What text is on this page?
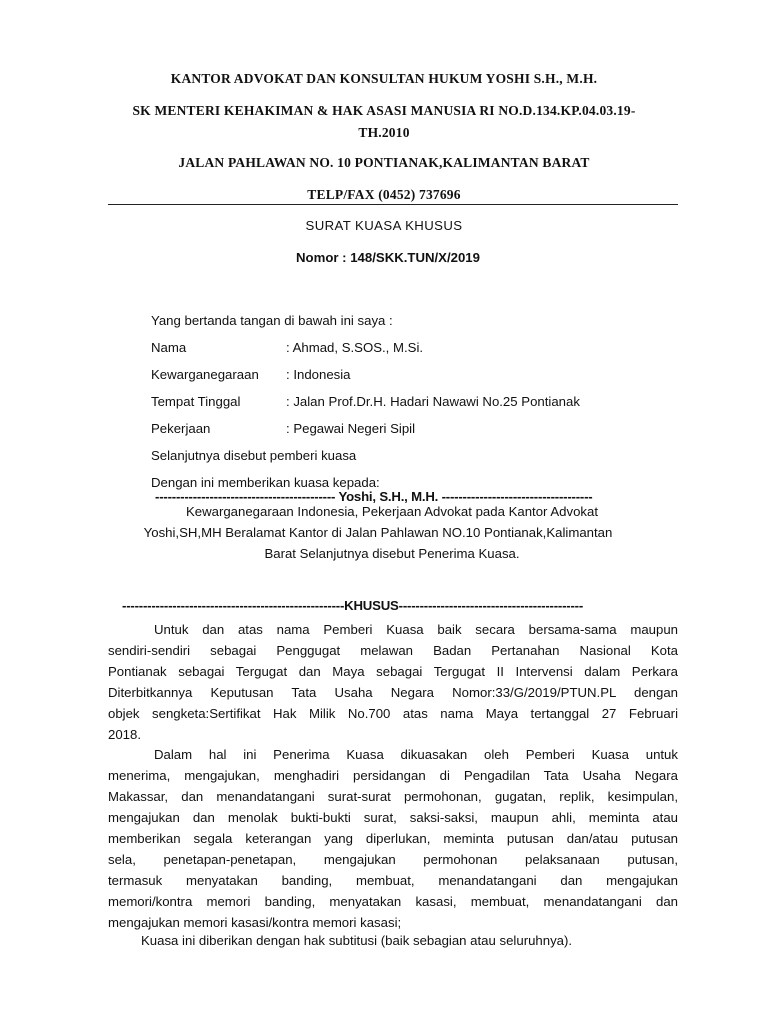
KANTOR ADVOKAT DAN KONSULTAN HUKUM YOSHI S.H., M.H.
SK MENTERI KEHAKIMAN & HAK ASASI MANUSIA RI NO.D.134.KP.04.03.19-
TH.2010
JALAN PAHLAWAN NO. 10 PONTIANAK,KALIMANTAN BARAT
TELP/FAX (0452) 737696
SURAT KUASA KHUSUS
Nomor : 148/SKK.TUN/X/2019
Yang bertanda tangan di bawah ini saya :
Nama	: Ahmad, S.SOS., M.Si.
Kewarganegaraan : Indonesia
Tempat Tinggal	: Jalan Prof.Dr.H. Hadari Nawawi No.25 Pontianak
Pekerjaan	: Pegawai Negeri Sipil
Selanjutnya disebut pemberi kuasa
Dengan ini memberikan kuasa kepada:
------------------------------------------- Yoshi, S.H., M.H. ------------------------------------
Kewarganegaraan Indonesia, Pekerjaan Advokat pada Kantor Advokat
Yoshi,SH,MH Beralamat Kantor di Jalan Pahlawan NO.10 Pontianak,Kalimantan
Barat Selanjutnya disebut Penerima Kuasa.
-----------------------------------------------------KHUSUS--------------------------------------------
Untuk dan atas nama Pemberi Kuasa baik secara bersama-sama maupun
sendiri-sendiri sebagai Penggugat melawan Badan Pertanahan Nasional Kota
Pontianak sebagai Tergugat dan Maya sebagai Tergugat II Intervensi dalam Perkara
Diterbitkannya Keputusan Tata Usaha Negara Nomor:33/G/2019/PTUN.PL dengan
objek sengketa:Sertifikat Hak Milik No.700 atas nama Maya tertanggal 27 Februari
2018.
Dalam hal ini Penerima Kuasa dikuasakan oleh Pemberi Kuasa untuk
menerima, mengajukan, menghadiri persidangan di Pengadilan Tata Usaha Negara
Makassar, dan menandatangani surat-surat permohonan, gugatan, replik, kesimpulan,
mengajukan dan menolak bukti-bukti surat, saksi-saksi, maupun ahli, meminta atau
memberikan segala keterangan yang diperlukan, meminta putusan dan/atau putusan
sela, penetapan-penetapan, mengajukan permohonan pelaksanaan putusan,
termasuk menyatakan banding, membuat, menandatangani dan mengajukan
memori/kontra memori banding, menyatakan kasasi, membuat, menandatangani dan
mengajukan memori kasasi/kontra memori kasasi;
Kuasa ini diberikan dengan hak subtitusi (baik sebagian atau seluruhnya).
